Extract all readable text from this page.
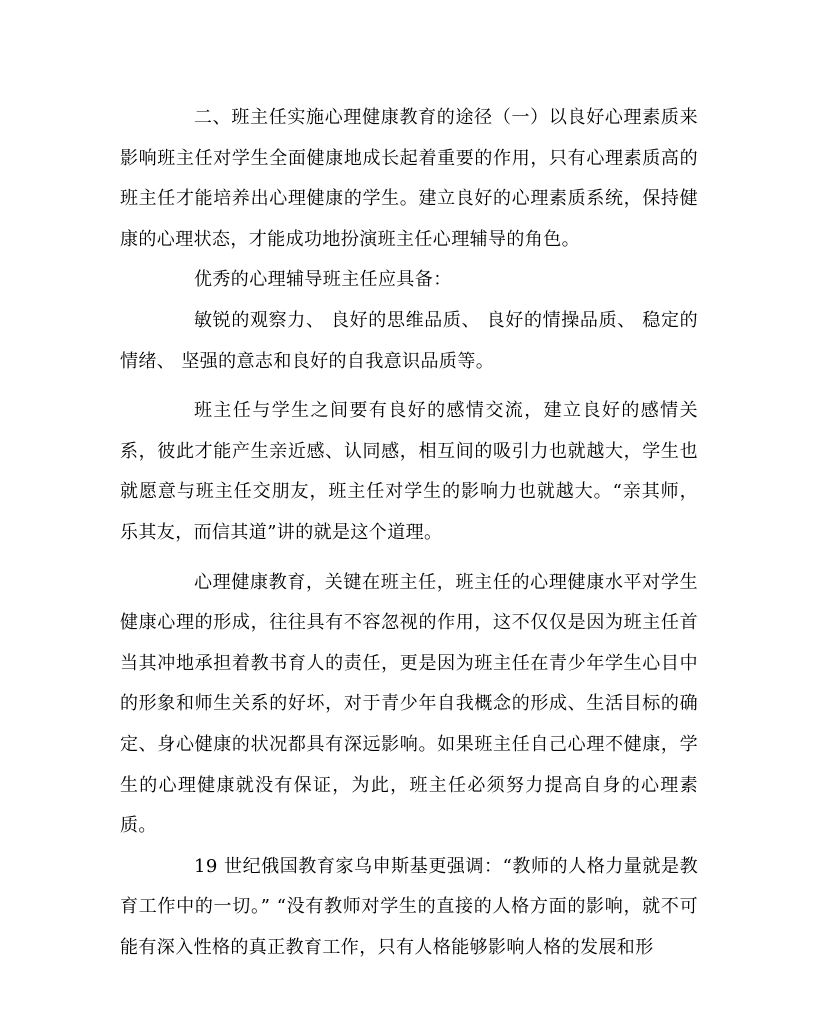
二、班主任实施心理健康教育的途径（一）以良好心理素质来影响班主任对学生全面健康地成长起着重要的作用，只有心理素质高的班主任才能培养出心理健康的学生。建立良好的心理素质系统，保持健康的心理状态，才能成功地扮演班主任心理辅导的角色。

优秀的心理辅导班主任应具备：

敏锐的观察力、 良好的思维品质、 良好的情操品质、 稳定的情绪、 坚强的意志和良好的自我意识品质等。

班主任与学生之间要有良好的感情交流，建立良好的感情关系，彼此才能产生亲近感、认同感，相互间的吸引力也就越大，学生也就愿意与班主任交朋友，班主任对学生的影响力也就越大。“亲其师，乐其友，而信其道”讲的就是这个道理。

心理健康教育，关键在班主任，班主任的心理健康水平对学生健康心理的形成，往往具有不容忽视的作用，这不仅仅是因为班主任首当其冲地承担着教书育人的责任，更是因为班主任在青少年学生心目中的形象和师生关系的好坏，对于青少年自我概念的形成、生活目标的确定、身心健康的状况都具有深远影响。如果班主任自己心理不健康，学生的心理健康就没有保证，为此，班主任必须努力提高自身的心理素质。

19 世纪俄国教育家乌申斯基更强调：“教师的人格力量就是教育工作中的一切。” “没有教师对学生的直接的人格方面的影响，就不可能有深入性格的真正教育工作，只有人格能够影响人格的发展和形
